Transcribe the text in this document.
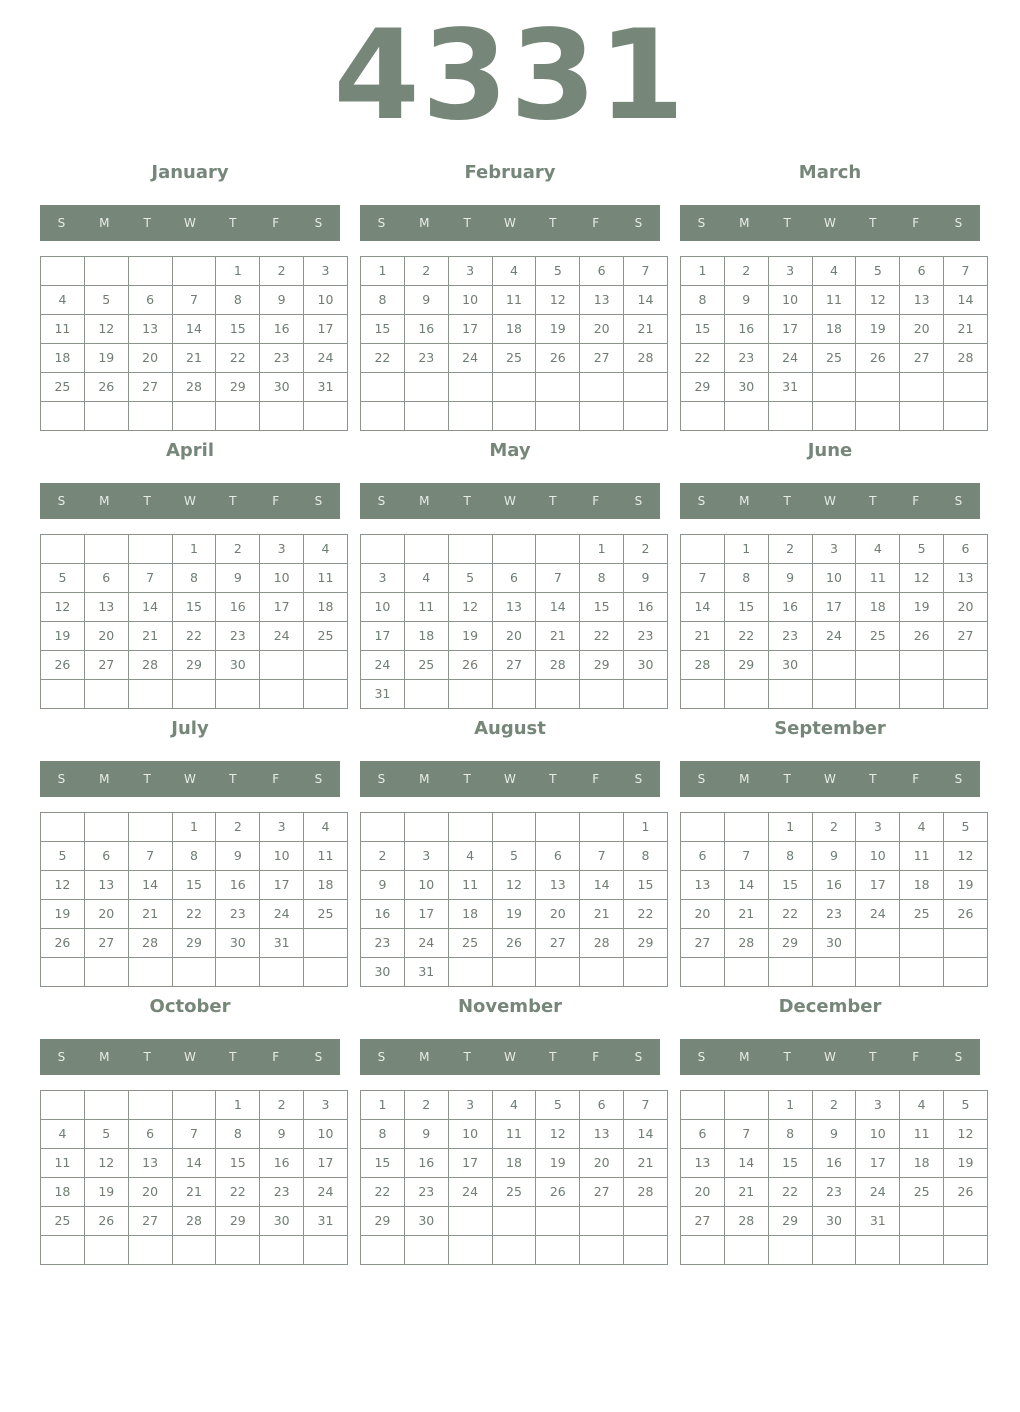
4331
January
S	M	T	W	T	F	S
				1	2	3
4	5	6	7	8	9	10
11	12	13	14	15	16	17
18	19	20	21	22	23	24
25	26	27	28	29	30	31

February
S	M	T	W	T	F	S
1	2	3	4	5	6	7
8	9	10	11	12	13	14
15	16	17	18	19	20	21
22	23	24	25	26	27	28

March
S	M	T	W	T	F	S
1	2	3	4	5	6	7
8	9	10	11	12	13	14
15	16	17	18	19	20	21
22	23	24	25	26	27	28
29	30	31				

April
S	M	T	W	T	F	S
			1	2	3	4
5	6	7	8	9	10	11
12	13	14	15	16	17	18
19	20	21	22	23	24	25
26	27	28	29	30		

May
S	M	T	W	T	F	S
					1	2
3	4	5	6	7	8	9
10	11	12	13	14	15	16
17	18	19	20	21	22	23
24	25	26	27	28	29	30
31						
June
S	M	T	W	T	F	S
	1	2	3	4	5	6
7	8	9	10	11	12	13
14	15	16	17	18	19	20
21	22	23	24	25	26	27
28	29	30				

July
S	M	T	W	T	F	S
			1	2	3	4
5	6	7	8	9	10	11
12	13	14	15	16	17	18
19	20	21	22	23	24	25
26	27	28	29	30	31	

August
S	M	T	W	T	F	S
						1
2	3	4	5	6	7	8
9	10	11	12	13	14	15
16	17	18	19	20	21	22
23	24	25	26	27	28	29
30	31					
September
S	M	T	W	T	F	S
		1	2	3	4	5
6	7	8	9	10	11	12
13	14	15	16	17	18	19
20	21	22	23	24	25	26
27	28	29	30			

October
S	M	T	W	T	F	S
				1	2	3
4	5	6	7	8	9	10
11	12	13	14	15	16	17
18	19	20	21	22	23	24
25	26	27	28	29	30	31

November
S	M	T	W	T	F	S
1	2	3	4	5	6	7
8	9	10	11	12	13	14
15	16	17	18	19	20	21
22	23	24	25	26	27	28
29	30					

December
S	M	T	W	T	F	S
		1	2	3	4	5
6	7	8	9	10	11	12
13	14	15	16	17	18	19
20	21	22	23	24	25	26
27	28	29	30	31		
